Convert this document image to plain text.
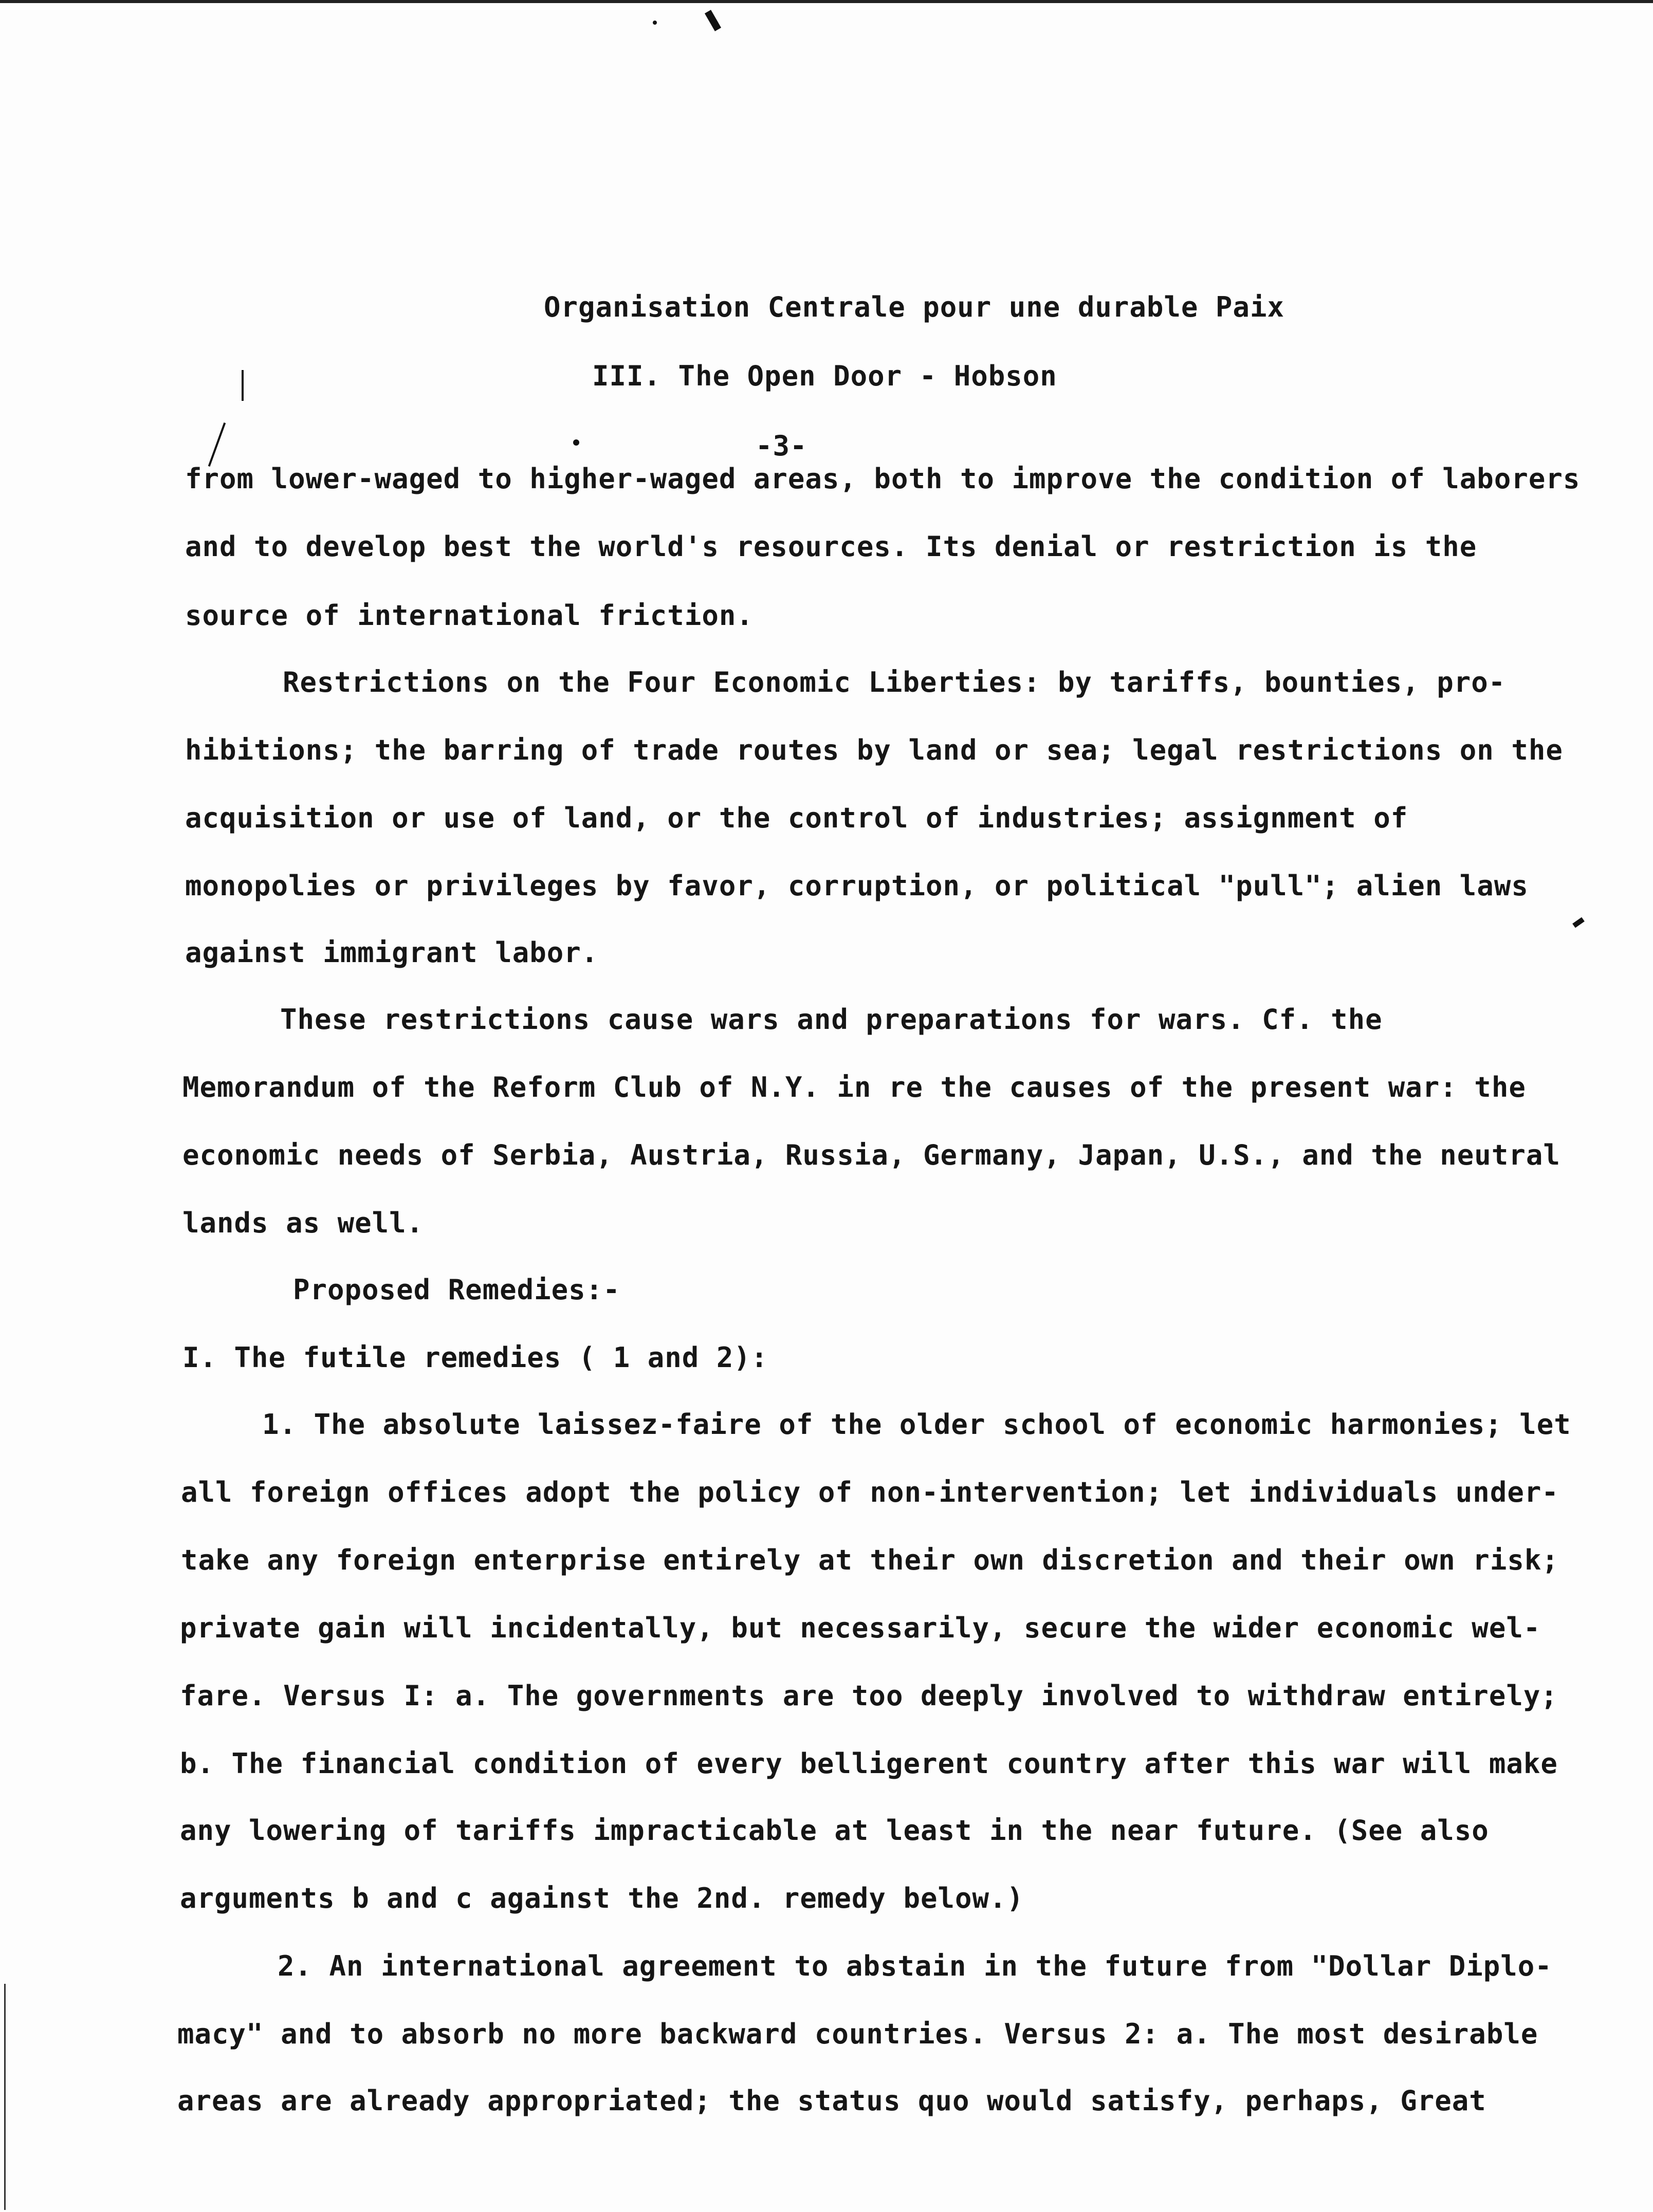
Organisation Centrale pour une durable Paix
III. The Open Door - Hobson
-3-
from lower-waged to higher-waged areas, both to improve the condition of laborers
and to develop best the world's resources. Its denial or restriction is the
source of international friction.
Restrictions on the Four Economic Liberties: by tariffs, bounties, pro-
hibitions; the barring of trade routes by land or sea; legal restrictions on the
acquisition or use of land, or the control of industries; assignment of
monopolies or privileges by favor, corruption, or political "pull"; alien laws
against immigrant labor.
These restrictions cause wars and preparations for wars. Cf. the
Memorandum of the Reform Club of N.Y. in re the causes of the present war: the
economic needs of Serbia, Austria, Russia, Germany, Japan, U.S., and the neutral
lands as well.
Proposed Remedies:-
I. The futile remedies ( 1 and 2):
1. The absolute laissez-faire of the older school of economic harmonies; let
all foreign offices adopt the policy of non-intervention; let individuals under-
take any foreign enterprise entirely at their own discretion and their own risk;
private gain will incidentally, but necessarily, secure the wider economic wel-
fare. Versus I: a. The governments are too deeply involved to withdraw entirely;
b. The financial condition of every belligerent country after this war will make
any lowering of tariffs impracticable at least in the near future. (See also
arguments b and c against the 2nd. remedy below.)
2. An international agreement to abstain in the future from "Dollar Diplo-
macy" and to absorb no more backward countries. Versus 2: a. The most desirable
areas are already appropriated; the status quo would satisfy, perhaps, Great
